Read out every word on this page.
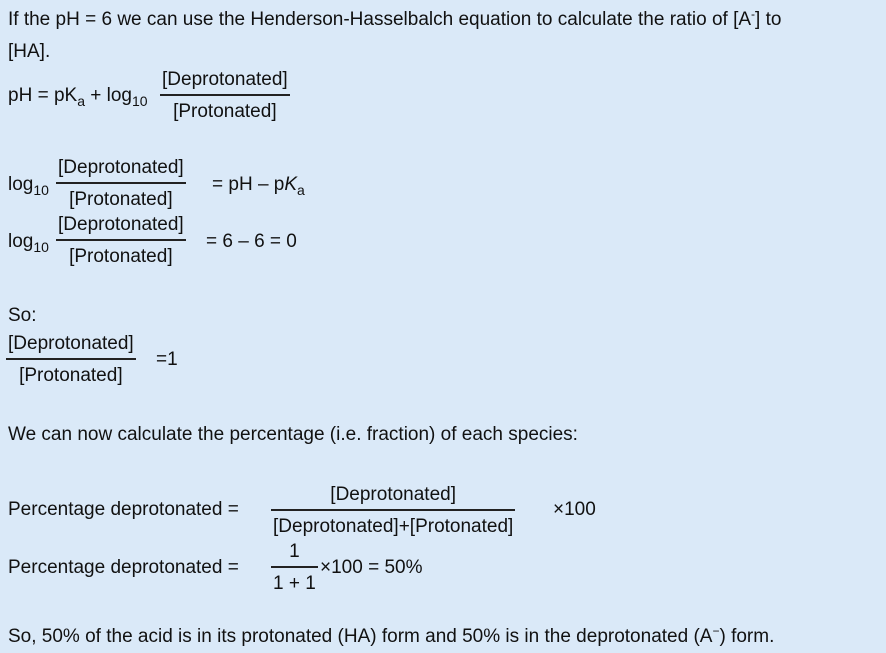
If the pH = 6 we can use the Henderson-Hasselbalch equation to calculate the ratio of [A-] to
[HA].
pH = $pK_a + \log_{10}$
[Deprotonated]
[Protonated]
$\log_{10}$
[Deprotonated]
[Protonated]
= pH – $pK_a$
$\log_{10}$
[Deprotonated]
[Protonated]
= 6 – 6 = 0
So:
[Deprotonated]
[Protonated]
=1
We can now calculate the percentage (i.e. fraction) of each species:
Percentage deprotonated =
[Deprotonated]
[Deprotonated]+[Protonated]
×100
Percentage deprotonated =
1
1 + 1
×100 = 50%
So, 50% of the acid is in its protonated (HA) form and 50% is in the deprotonated (A−) form.
